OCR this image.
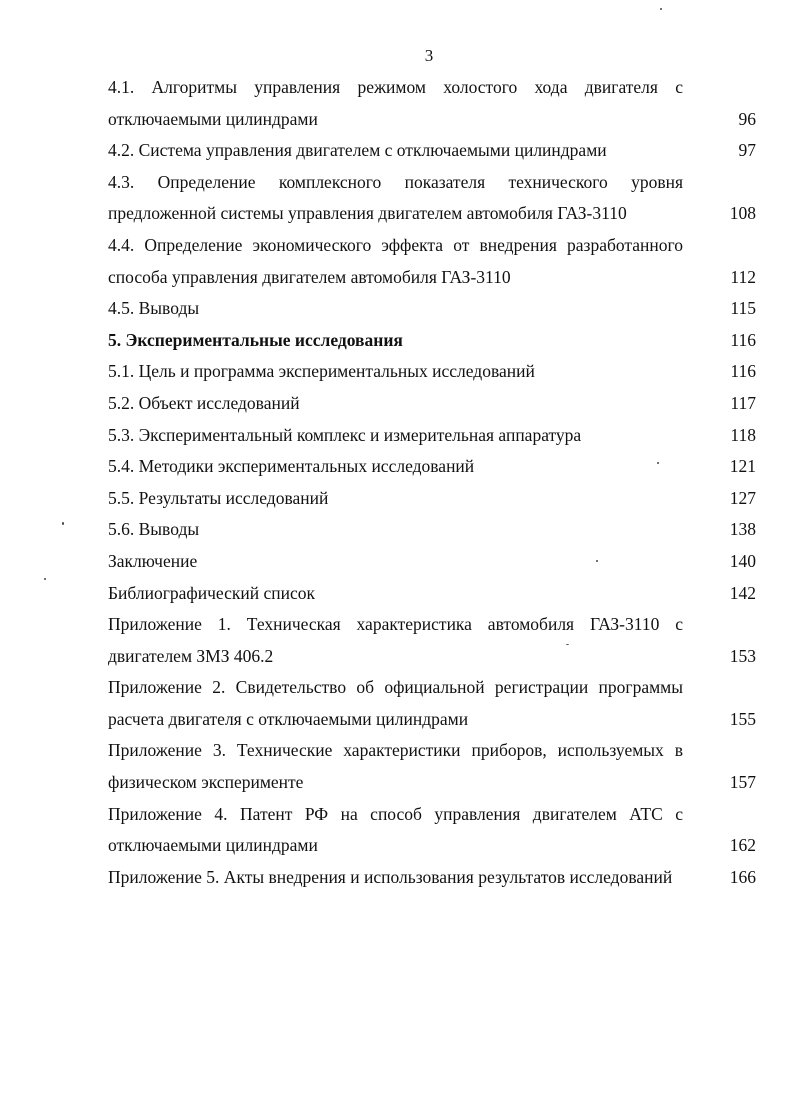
3
4.1. Алгоритмы управления режимом холостого хода двигателя с отключаемыми цилиндрами	96
4.2. Система управления двигателем с отключаемыми цилиндрами	97
4.3. Определение комплексного показателя технического уровня предложенной системы управления двигателем автомобиля ГАЗ-3110	108
4.4. Определение экономического эффекта от внедрения разработанного способа управления двигателем автомобиля ГАЗ-3110	112
4.5. Выводы	115
5. Экспериментальные исследования	116
5.1. Цель и программа экспериментальных исследований	116
5.2. Объект исследований	117
5.3. Экспериментальный комплекс и измерительная аппаратура	118
5.4. Методики экспериментальных исследований	121
5.5. Результаты исследований	127
5.6. Выводы	138
Заключение	140
Библиографический список	142
Приложение 1. Техническая характеристика автомобиля ГАЗ-3110 с двигателем ЗМЗ 406.2	153
Приложение 2. Свидетельство об официальной регистрации программы расчета двигателя с отключаемыми цилиндрами	155
Приложение 3. Технические характеристики приборов, используемых в физическом эксперименте	157
Приложение 4. Патент РФ на способ управления двигателем АТС с отключаемыми цилиндрами	162
Приложение 5. Акты внедрения и использования результатов исследований	166
